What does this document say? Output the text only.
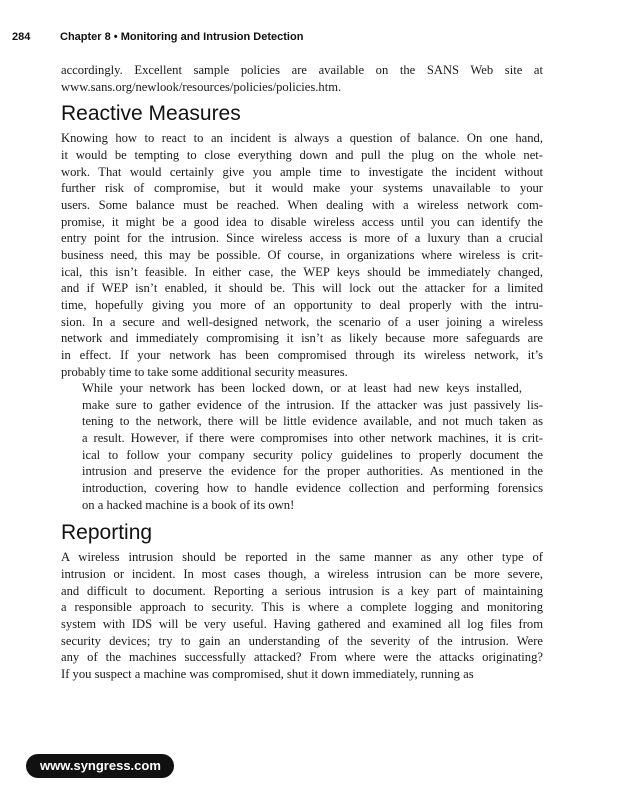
284	Chapter 8 • Monitoring and Intrusion Detection

accordingly. Excellent sample policies are available on the SANS Web site at
www.sans.org/newlook/resources/policies/policies.htm.

Reactive Measures

Knowing how to react to an incident is always a question of balance. On one hand,
it would be tempting to close everything down and pull the plug on the whole net-
work. That would certainly give you ample time to investigate the incident without
further risk of compromise, but it would make your systems unavailable to your
users. Some balance must be reached. When dealing with a wireless network com-
promise, it might be a good idea to disable wireless access until you can identify the
entry point for the intrusion. Since wireless access is more of a luxury than a crucial
business need, this may be possible. Of course, in organizations where wireless is crit-
ical, this isn’t feasible. In either case, the WEP keys should be immediately changed,
and if WEP isn’t enabled, it should be. This will lock out the attacker for a limited
time, hopefully giving you more of an opportunity to deal properly with the intru-
sion. In a secure and well-designed network, the scenario of a user joining a wireless
network and immediately compromising it isn’t as likely because more safeguards are
in effect. If your network has been compromised through its wireless network, it’s
probably time to take some additional security measures.

While your network has been locked down, or at least had new keys installed,
make sure to gather evidence of the intrusion. If the attacker was just passively lis-
tening to the network, there will be little evidence available, and not much taken as
a result. However, if there were compromises into other network machines, it is crit-
ical to follow your company security policy guidelines to properly document the
intrusion and preserve the evidence for the proper authorities. As mentioned in the
introduction, covering how to handle evidence collection and performing forensics
on a hacked machine is a book of its own!

Reporting

A wireless intrusion should be reported in the same manner as any other type of
intrusion or incident. In most cases though, a wireless intrusion can be more severe,
and difficult to document. Reporting a serious intrusion is a key part of maintaining
a responsible approach to security. This is where a complete logging and monitoring
system with IDS will be very useful. Having gathered and examined all log files from
security devices; try to gain an understanding of the severity of the intrusion. Were
any of the machines successfully attacked? From where were the attacks originating?
If you suspect a machine was compromised, shut it down immediately, running as

www.syngress.com
